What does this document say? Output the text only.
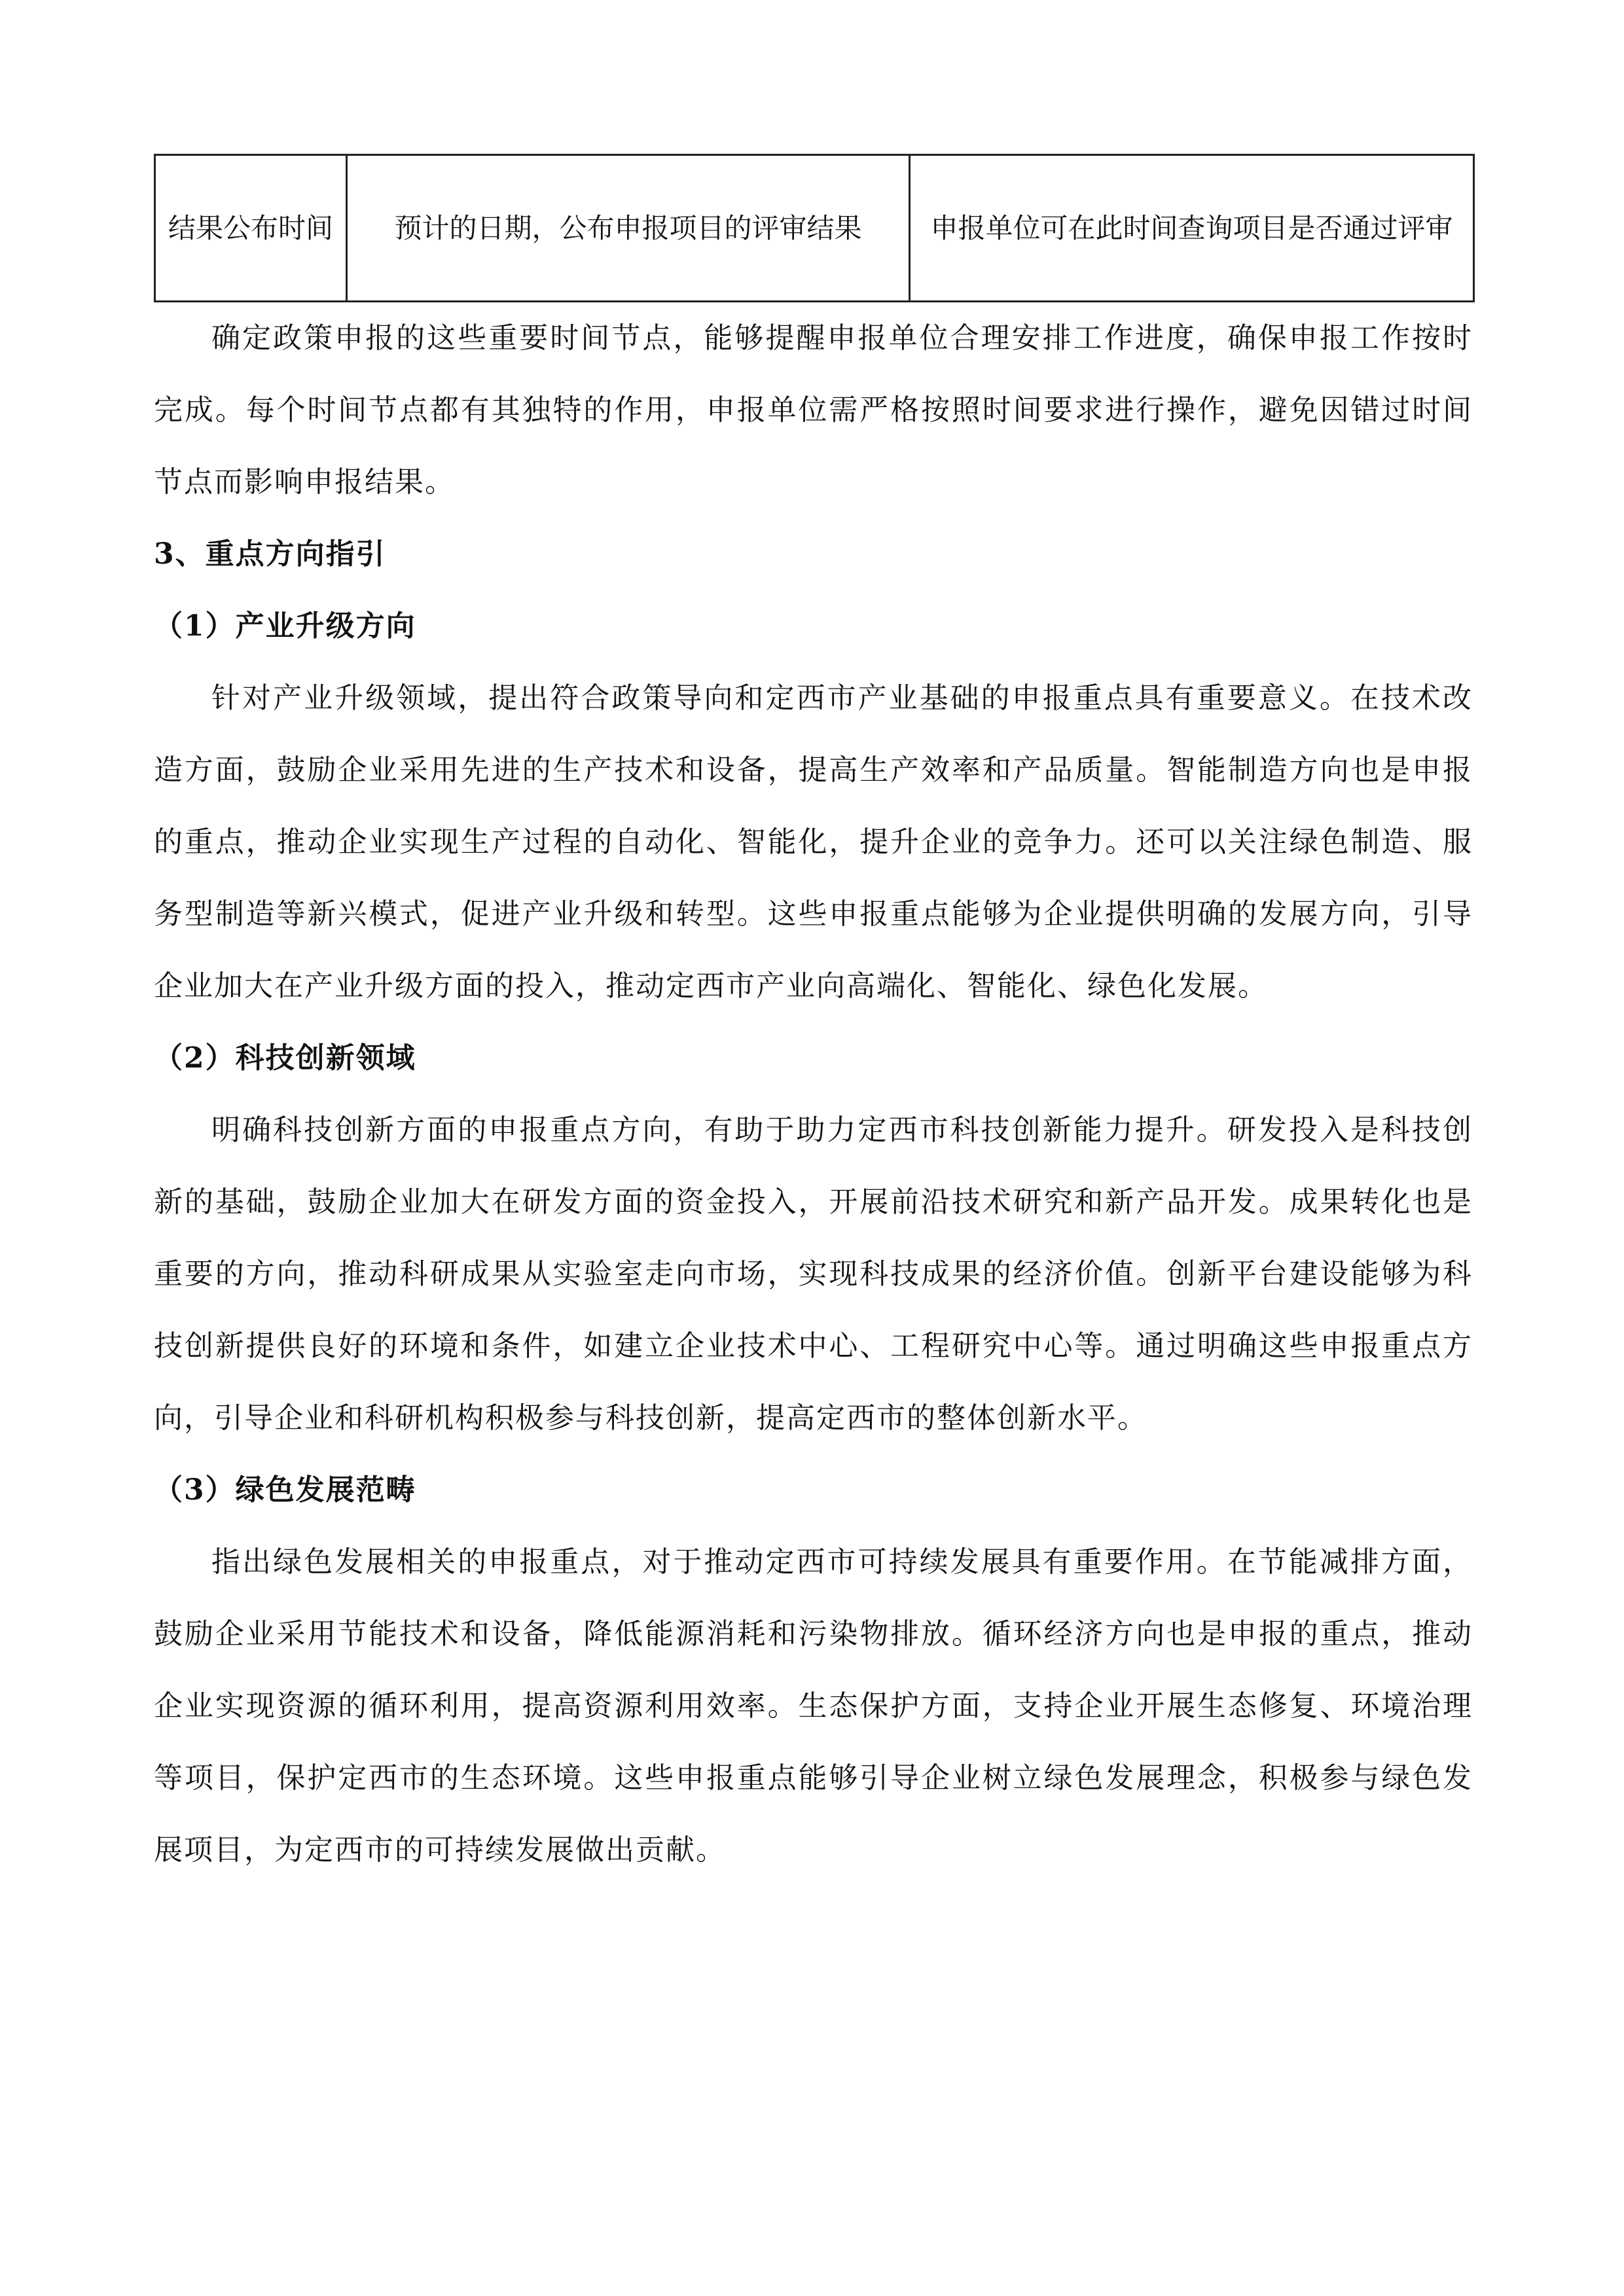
结果公布时间	预计的日期，公布申报项目的评审结果	申报单位可在此时间查询项目是否通过评审

确定政策申报的这些重要时间节点，能够提醒申报单位合理安排工作进度，确保申报工作按时完成。每个时间节点都有其独特的作用，申报单位需严格按照时间要求进行操作，避免因错过时间节点而影响申报结果。

3、重点方向指引
（1）产业升级方向

针对产业升级领域，提出符合政策导向和定西市产业基础的申报重点具有重要意义。在技术改造方面，鼓励企业采用先进的生产技术和设备，提高生产效率和产品质量。智能制造方向也是申报的重点，推动企业实现生产过程的自动化、智能化，提升企业的竞争力。还可以关注绿色制造、服务型制造等新兴模式，促进产业升级和转型。这些申报重点能够为企业提供明确的发展方向，引导企业加大在产业升级方面的投入，推动定西市产业向高端化、智能化、绿色化发展。

（2）科技创新领域

明确科技创新方面的申报重点方向，有助于助力定西市科技创新能力提升。研发投入是科技创新的基础，鼓励企业加大在研发方面的资金投入，开展前沿技术研究和新产品开发。成果转化也是重要的方向，推动科研成果从实验室走向市场，实现科技成果的经济价值。创新平台建设能够为科技创新提供良好的环境和条件，如建立企业技术中心、工程研究中心等。通过明确这些申报重点方向，引导企业和科研机构积极参与科技创新，提高定西市的整体创新水平。

（3）绿色发展范畴

指出绿色发展相关的申报重点，对于推动定西市可持续发展具有重要作用。在节能减排方面，鼓励企业采用节能技术和设备，降低能源消耗和污染物排放。循环经济方向也是申报的重点，推动企业实现资源的循环利用，提高资源利用效率。生态保护方面，支持企业开展生态修复、环境治理等项目，保护定西市的生态环境。这些申报重点能够引导企业树立绿色发展理念，积极参与绿色发展项目，为定西市的可持续发展做出贡献。
